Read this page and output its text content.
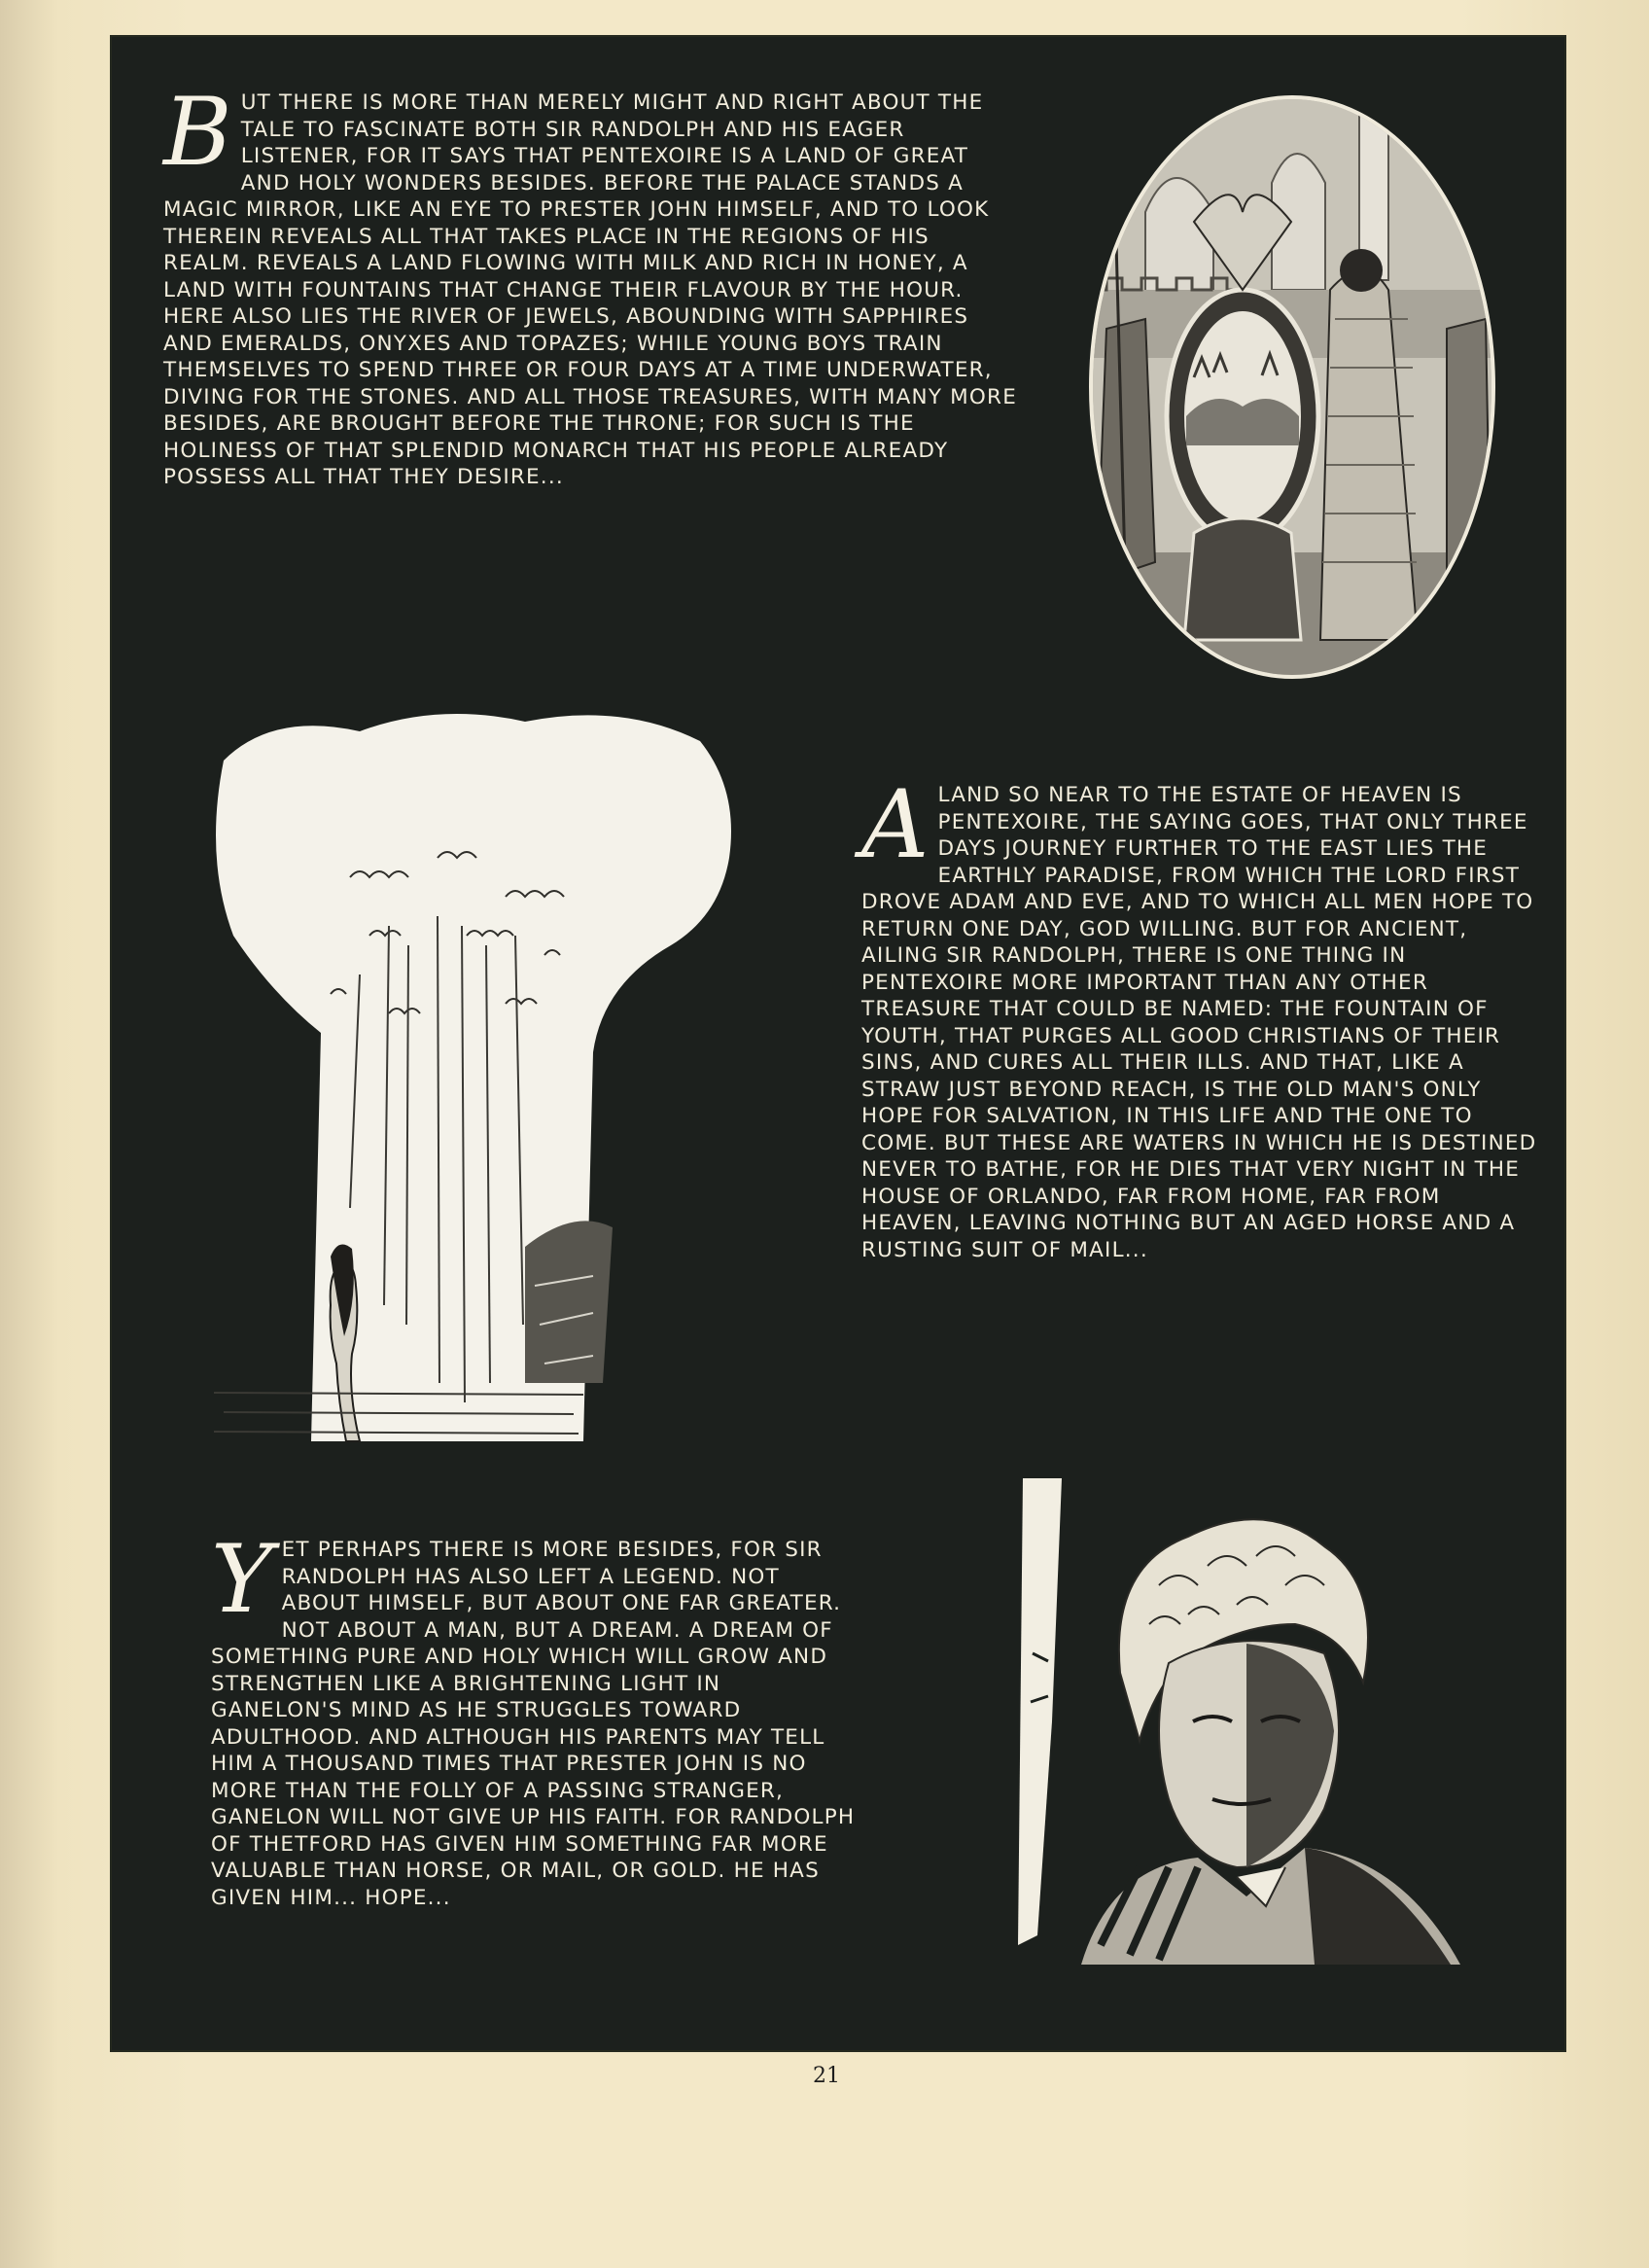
B UT THERE IS MORE THAN MERELY MIGHT AND RIGHT ABOUT THE TALE TO FASCINATE BOTH SIR RANDOLPH AND HIS EAGER LISTENER, FOR IT SAYS THAT PENTEXOIRE IS A LAND OF GREAT AND HOLY WONDERS BESIDES. BEFORE THE PALACE STANDS A MAGIC MIRROR, LIKE AN EYE TO PRESTER JOHN HIMSELF, AND TO LOOK THEREIN REVEALS ALL THAT TAKES PLACE IN THE REGIONS OF HIS REALM. REVEALS A LAND FLOWING WITH MILK AND RICH IN HONEY, A LAND WITH FOUNTAINS THAT CHANGE THEIR FLAVOUR BY THE HOUR. HERE ALSO LIES THE RIVER OF JEWELS, ABOUNDING WITH SAPPHIRES AND EMERALDS, ONYXES AND TOPAZES; WHILE YOUNG BOYS TRAIN THEMSELVES TO SPEND THREE OR FOUR DAYS AT A TIME UNDERWATER, DIVING FOR THE STONES. AND ALL THOSE TREASURES, WITH MANY MORE BESIDES, ARE BROUGHT BEFORE THE THRONE; FOR SUCH IS THE HOLINESS OF THAT SPLENDID MONARCH THAT HIS PEOPLE ALREADY POSSESS ALL THAT THEY DESIRE...
A LAND SO NEAR TO THE ESTATE OF HEAVEN IS PENTEXOIRE, THE SAYING GOES, THAT ONLY THREE DAYS JOURNEY FURTHER TO THE EAST LIES THE EARTHLY PARADISE, FROM WHICH THE LORD FIRST DROVE ADAM AND EVE, AND TO WHICH ALL MEN HOPE TO RETURN ONE DAY, GOD WILLING. BUT FOR ANCIENT, AILING SIR RANDOLPH, THERE IS ONE THING IN PENTEXOIRE MORE IMPORTANT THAN ANY OTHER TREASURE THAT COULD BE NAMED: THE FOUNTAIN OF YOUTH, THAT PURGES ALL GOOD CHRISTIANS OF THEIR SINS, AND CURES ALL THEIR ILLS. AND THAT, LIKE A STRAW JUST BEYOND REACH, IS THE OLD MAN'S ONLY HOPE FOR SALVATION, IN THIS LIFE AND THE ONE TO COME. BUT THESE ARE WATERS IN WHICH HE IS DESTINED NEVER TO BATHE, FOR HE DIES THAT VERY NIGHT IN THE HOUSE OF ORLANDO, FAR FROM HOME, FAR FROM HEAVEN, LEAVING NOTHING BUT AN AGED HORSE AND A RUSTING SUIT OF MAIL...
Y ET PERHAPS THERE IS MORE BESIDES, FOR SIR RANDOLPH HAS ALSO LEFT A LEGEND. NOT ABOUT HIMSELF, BUT ABOUT ONE FAR GREATER. NOT ABOUT A MAN, BUT A DREAM. A DREAM OF SOMETHING PURE AND HOLY WHICH WILL GROW AND STRENGTHEN LIKE A BRIGHTENING LIGHT IN GANELON'S MIND AS HE STRUGGLES TOWARD ADULTHOOD. AND ALTHOUGH HIS PARENTS MAY TELL HIM A THOUSAND TIMES THAT PRESTER JOHN IS NO MORE THAN THE FOLLY OF A PASSING STRANGER, GANELON WILL NOT GIVE UP HIS FAITH. FOR RANDOLPH OF THETFORD HAS GIVEN HIM SOMETHING FAR MORE VALUABLE THAN HORSE, OR MAIL, OR GOLD. HE HAS GIVEN HIM... HOPE...
21
